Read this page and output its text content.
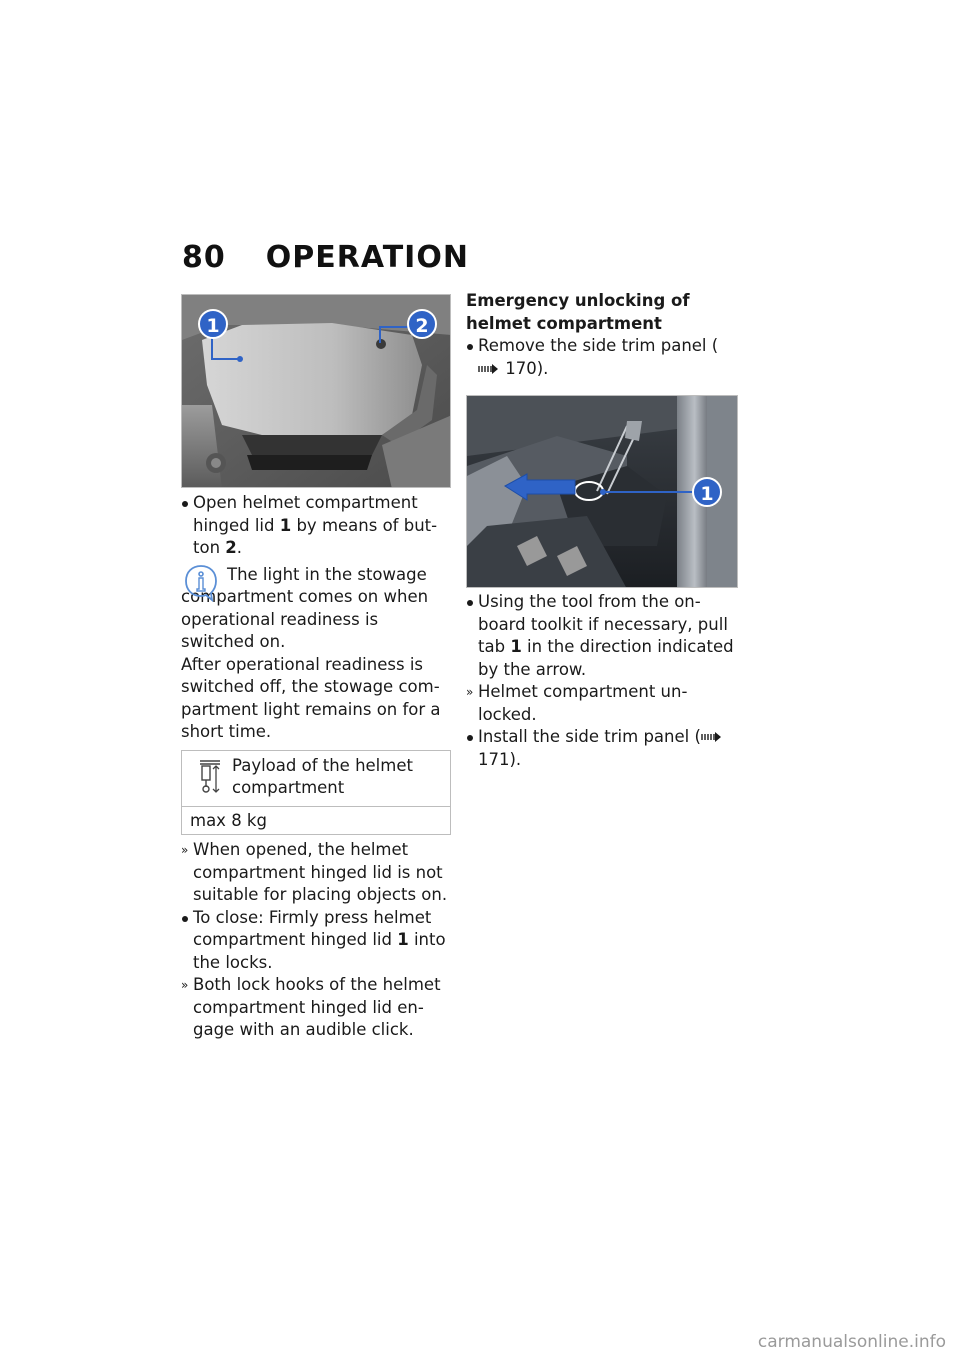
80 OPERATION
1	2
Open helmet compartment hinged lid 1 by means of button 2.
The light in the stowage compartment comes on when operational readiness is switched on.
After operational readiness is switched off, the stowage compartment light remains on for a short time.
Payload of the helmet compartment
max 8 kg
» When opened, the helmet compartment hinged lid is not suitable for placing objects on.
To close: Firmly press helmet compartment hinged lid 1 into the locks.
» Both lock hooks of the helmet compartment hinged lid engage with an audible click.
Emergency unlocking of helmet compartment
Remove the side trim panel ( 170).
1
Using the tool from the on-board toolkit if necessary, pull tab 1 in the direction indicated by the arrow.
» Helmet compartment unlocked.
Install the side trim panel ( 171).
carmanualsonline.info
